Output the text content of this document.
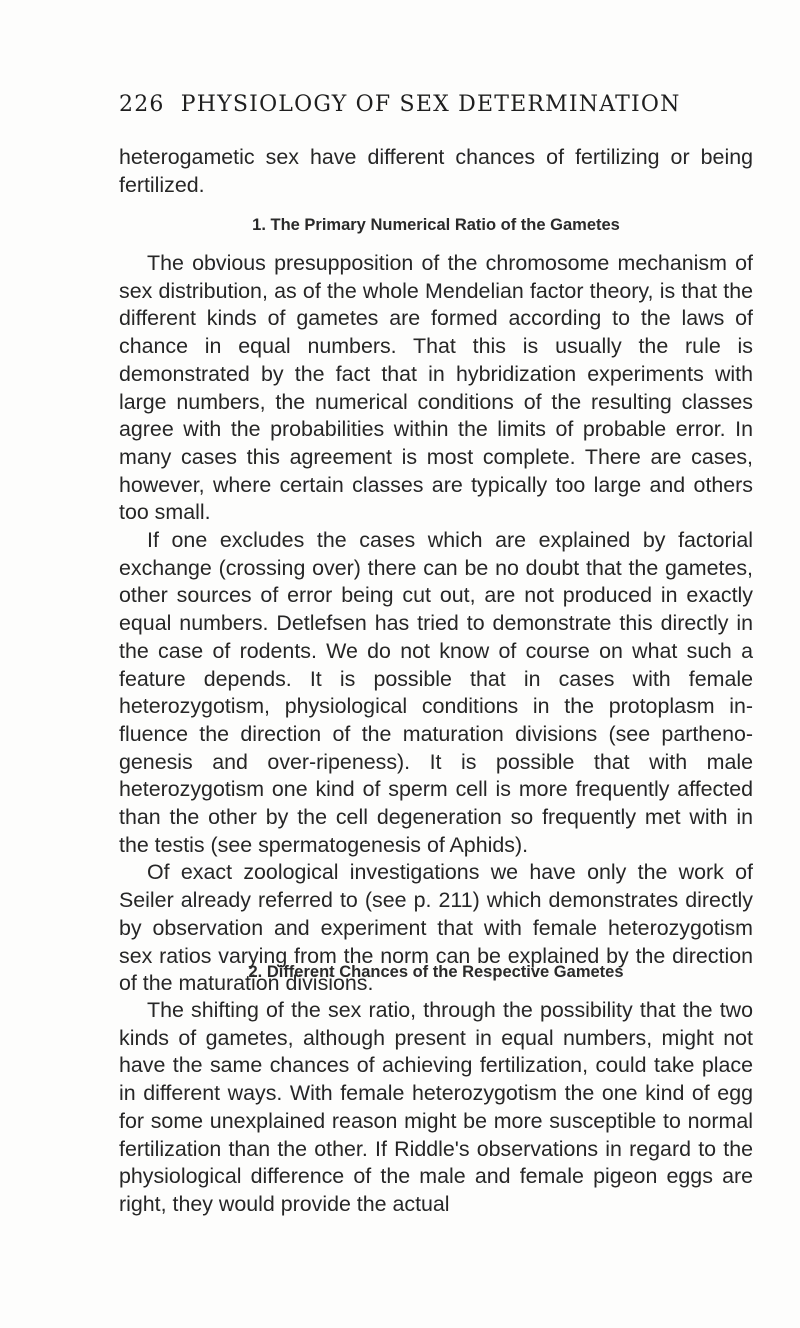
226 PHYSIOLOGY OF SEX DETERMINATION

heterogametic sex have different chances of fertilizing or being fertilized.

1. The Primary Numerical Ratio of the Gametes

The obvious presupposition of the chromosome mechanism of sex distribution, as of the whole Mendelian factor theory, is that the different kinds of gametes are formed according to the laws of chance in equal numbers. That this is usually the rule is demonstrated by the fact that in hybridization experiments with large numbers, the numerical conditions of the resulting classes agree with the probabilities within the limits of probable error. In many cases this agreement is most complete. There are cases, however, where certain classes are typically too large and others too small.

If one excludes the cases which are explained by factorial exchange (crossing over) there can be no doubt that the gametes, other sources of error being cut out, are not produced in exactly equal numbers. Detlefsen has tried to demonstrate this directly in the case of rodents. We do not know of course on what such a feature depends. It is possible that in cases with female heterozygotism, physiological conditions in the protoplasm influence the direction of the maturation divisions (see parthenogenesis and over-ripeness). It is possible that with male heterozygotism one kind of sperm cell is more frequently affected than the other by the cell degeneration so frequently met with in the testis (see spermatogenesis of Aphids).

Of exact zoological investigations we have only the work of Seiler already referred to (see p. 211) which demonstrates directly by observation and experiment that with female heterozygotism sex ratios varying from the norm can be explained by the direction of the maturation divisions.

2. Different Chances of the Respective Gametes

The shifting of the sex ratio, through the possibility that the two kinds of gametes, although present in equal numbers, might not have the same chances of achieving fertilization, could take place in different ways. With female heterozygotism the one kind of egg for some unexplained reason might be more susceptible to normal fertilization than the other. If Riddle's observations in regard to the physiological difference of the male and female pigeon eggs are right, they would provide the actual
